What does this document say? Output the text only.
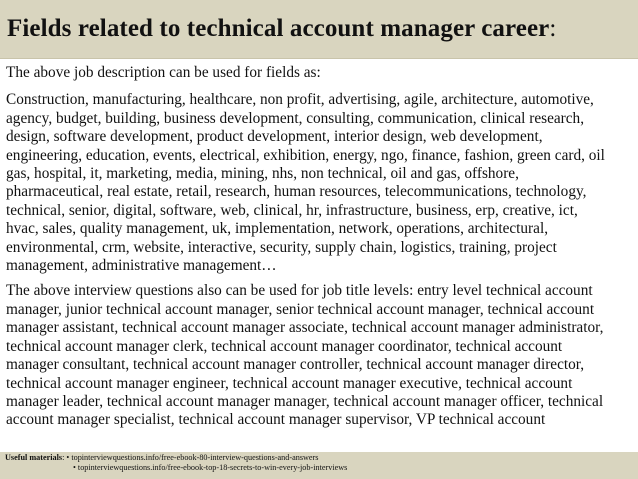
Fields related to technical account manager career:

The above job description can be used for fields as:

Construction, manufacturing, healthcare, non profit, advertising, agile, architecture, automotive,
agency, budget, building, business development, consulting, communication, clinical research,
design, software development, product development, interior design, web development,
engineering, education, events, electrical, exhibition, energy, ngo, finance, fashion, green card, oil
gas, hospital, it, marketing, media, mining, nhs, non technical, oil and gas, offshore,
pharmaceutical, real estate, retail, research, human resources, telecommunications, technology,
technical, senior, digital, software, web, clinical, hr, infrastructure, business, erp, creative, ict,
hvac, sales, quality management, uk, implementation, network, operations, architectural,
environmental, crm, website, interactive, security, supply chain, logistics, training, project
management, administrative management…

The above interview questions also can be used for job title levels: entry level technical account
manager, junior technical account manager, senior technical account manager, technical account
manager assistant, technical account manager associate, technical account manager administrator,
technical account manager clerk, technical account manager coordinator, technical account
manager consultant, technical account manager controller, technical account manager director,
technical account manager engineer, technical account manager executive, technical account
manager leader, technical account manager manager, technical account manager officer, technical
account manager specialist, technical account manager supervisor, VP technical account

Useful materials: • topinterviewquestions.info/free-ebook-80-interview-questions-and-answers
• topinterviewquestions.info/free-ebook-top-18-secrets-to-win-every-job-interviews
